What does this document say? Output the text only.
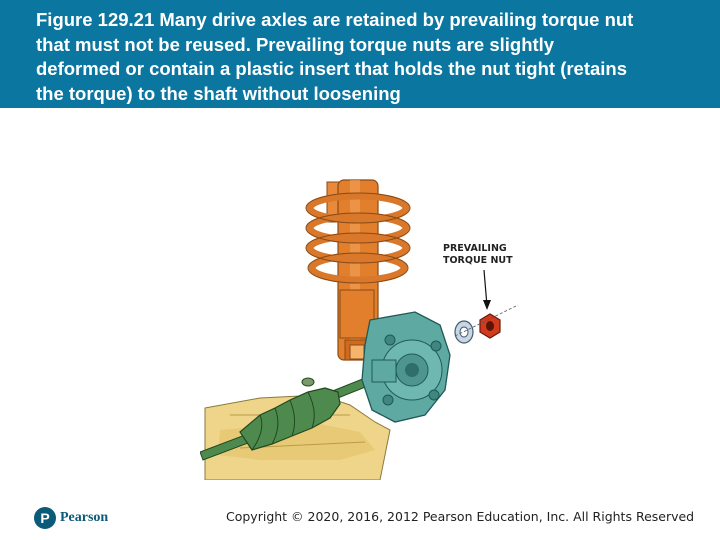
Figure 129.21 Many drive axles are retained by prevailing torque nut
that must not be reused. Prevailing torque nuts are slightly
deformed or contain a plastic insert that holds the nut tight (retains
the torque) to the shaft without loosening
PREVAILING
TORQUE NUT
P Pearson	Copyright © 2020, 2016, 2012 Pearson Education, Inc. All Rights Reserved
